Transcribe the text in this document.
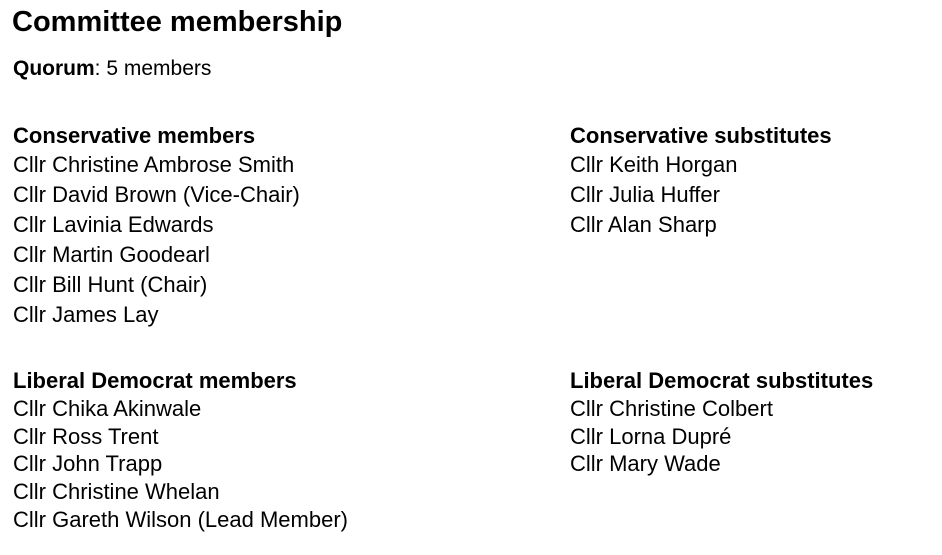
Committee membership
Quorum: 5 members
Conservative members
Cllr Christine Ambrose Smith
Cllr David Brown (Vice-Chair)
Cllr Lavinia Edwards
Cllr Martin Goodearl
Cllr Bill Hunt (Chair)
Cllr James Lay
Conservative substitutes
Cllr Keith Horgan
Cllr Julia Huffer
Cllr Alan Sharp
Liberal Democrat members
Cllr Chika Akinwale
Cllr Ross Trent
Cllr John Trapp
Cllr Christine Whelan
Cllr Gareth Wilson (Lead Member)
Liberal Democrat substitutes
Cllr Christine Colbert
Cllr Lorna Dupré
Cllr Mary Wade
